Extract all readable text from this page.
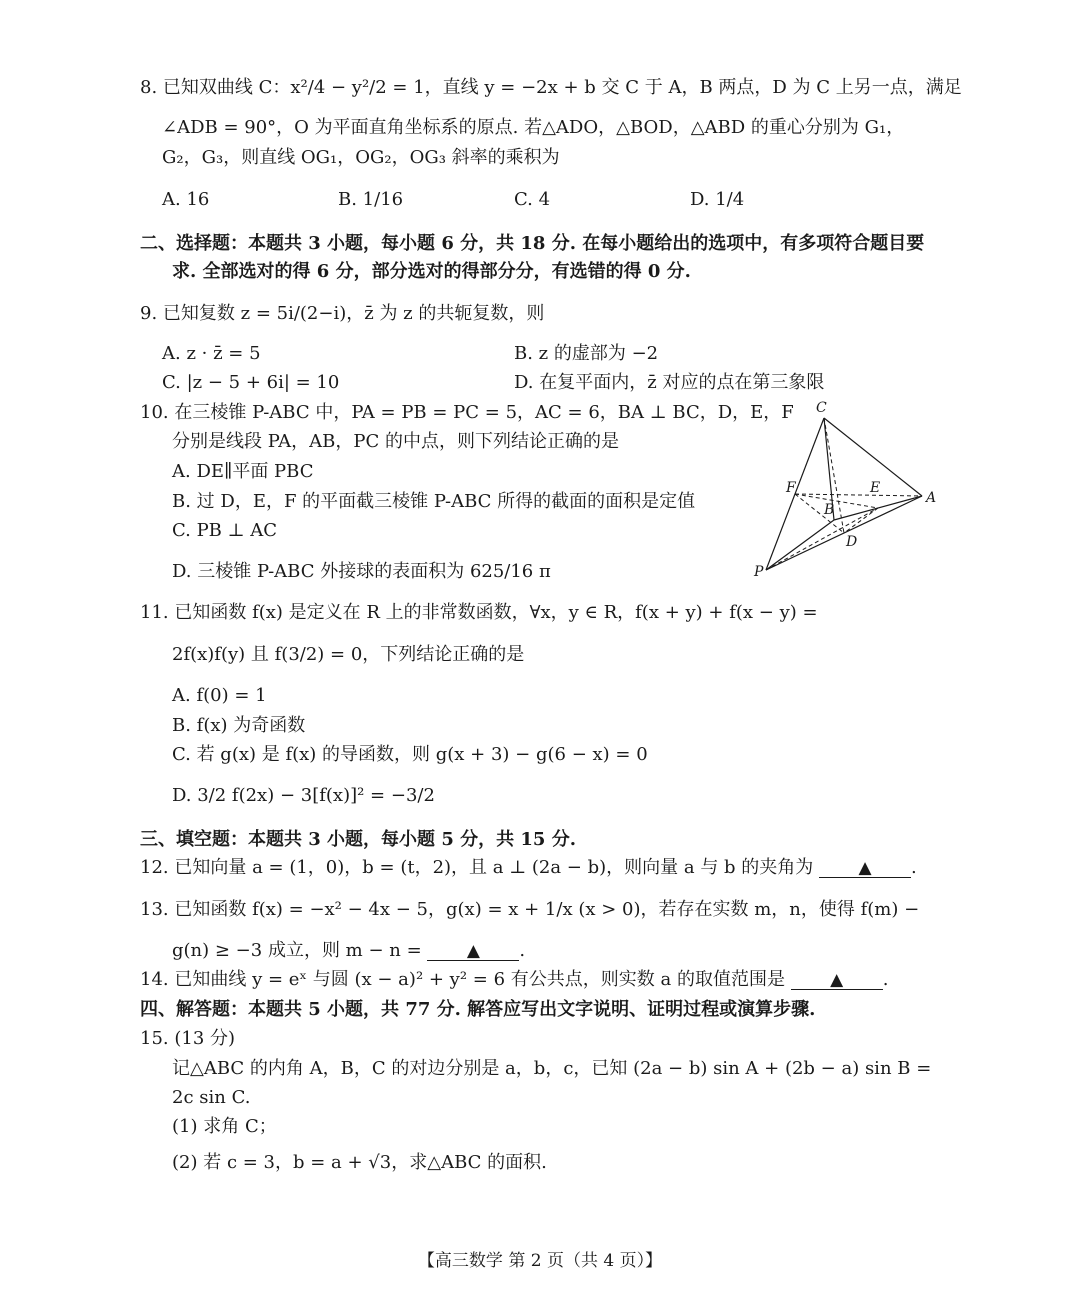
8. 已知双曲线 C：x²/4 − y²/2 = 1，直线 y = −2x + b 交 C 于 A，B 两点，D 为 C 上另一点，满足
∠ADB = 90°，O 为平面直角坐标系的原点. 若△ADO，△BOD，△ABD 的重心分别为 G₁，
G₂，G₃，则直线 OG₁，OG₂，OG₃ 斜率的乘积为
A. 16	B. 1/16	C. 4	D. 1/4
二、选择题：本题共 3 小题，每小题 6 分，共 18 分. 在每小题给出的选项中，有多项符合题目要
求. 全部选对的得 6 分，部分选对的得部分分，有选错的得 0 分.
9. 已知复数 z = 5i/(2−i)，z̄ 为 z 的共轭复数，则
A. z · z̄ = 5	B. z 的虚部为 −2
C. |z − 5 + 6i| = 10	D. 在复平面内，z̄ 对应的点在第三象限
10. 在三棱锥 P-ABC 中，PA = PB = PC = 5，AC = 6，BA ⊥ BC，D，E，F
分别是线段 PA，AB，PC 的中点，则下列结论正确的是
A. DE∥平面 PBC
B. 过 D，E，F 的平面截三棱锥 P-ABC 所得的截面的面积是定值
C. PB ⊥ AC
D. 三棱锥 P-ABC 外接球的表面积为 625/16 π
C
F	E
A
B
D
P
11. 已知函数 f(x) 是定义在 R 上的非常数函数，∀x，y ∈ R，f(x + y) + f(x − y) =
2f(x)f(y) 且 f(3/2) = 0，下列结论正确的是
A. f(0) = 1
B. f(x) 为奇函数
C. 若 g(x) 是 f(x) 的导函数，则 g(x + 3) − g(6 − x) = 0
D. 3/2 f(2x) − 3[f(x)]² = −3/2
三、填空题：本题共 3 小题，每小题 5 分，共 15 分.
12. 已知向量 a = (1，0)，b = (t，2)，且 a ⊥ (2a − b)，则向量 a 与 b 的夹角为	▲ .
13. 已知函数 f(x) = −x² − 4x − 5，g(x) = x + 1/x (x > 0)，若存在实数 m，n，使得 f(m) −
g(n) ≥ −3 成立，则 m − n =	▲ .
14. 已知曲线 y = eˣ 与圆 (x − a)² + y² = 6 有公共点，则实数 a 的取值范围是	▲ .
四、解答题：本题共 5 小题，共 77 分. 解答应写出文字说明、证明过程或演算步骤.
15. (13 分)
记△ABC 的内角 A，B，C 的对边分别是 a，b，c，已知 (2a − b) sin A + (2b − a) sin B =
2c sin C.
(1) 求角 C；
(2) 若 c = 3，b = a + √3，求△ABC 的面积.
【高三数学 第 2 页（共 4 页）】
